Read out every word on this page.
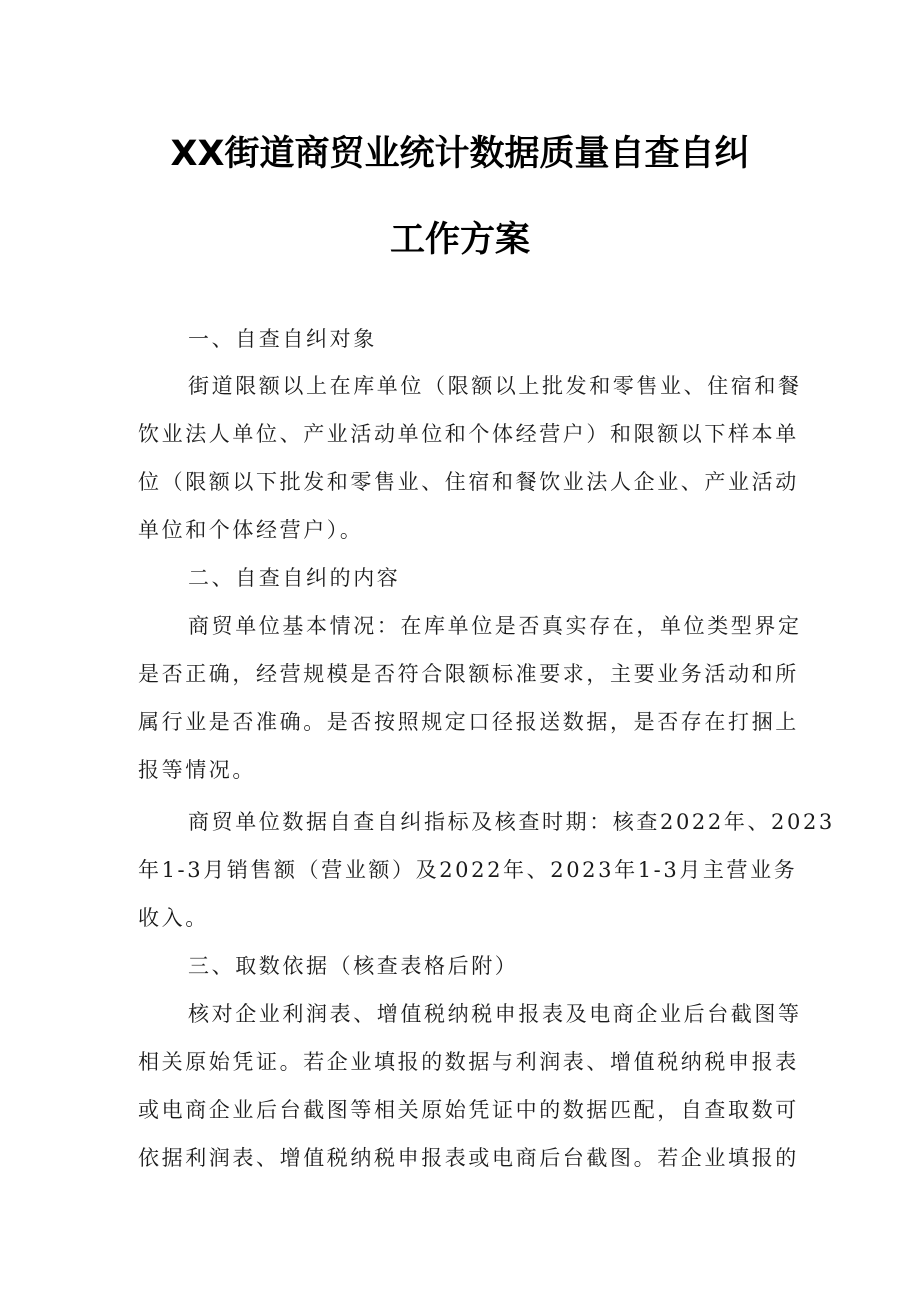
XX街道商贸业统计数据质量自查自纠
工作方案
一、自查自纠对象
街道限额以上在库单位（限额以上批发和零售业、住宿和餐
饮业法人单位、产业活动单位和个体经营户）和限额以下样本单
位（限额以下批发和零售业、住宿和餐饮业法人企业、产业活动
单位和个体经营户）。
二、自查自纠的内容
商贸单位基本情况：在库单位是否真实存在，单位类型界定
是否正确，经营规模是否符合限额标准要求，主要业务活动和所
属行业是否准确。是否按照规定口径报送数据，是否存在打捆上
报等情况。
商贸单位数据自查自纠指标及核查时期：核查2022年、2023
年1-3月销售额（营业额）及2022年、2023年1-3月主营业务
收入。
三、取数依据（核查表格后附）
核对企业利润表、增值税纳税申报表及电商企业后台截图等
相关原始凭证。若企业填报的数据与利润表、增值税纳税申报表
或电商企业后台截图等相关原始凭证中的数据匹配，自查取数可
依据利润表、增值税纳税申报表或电商后台截图。若企业填报的
